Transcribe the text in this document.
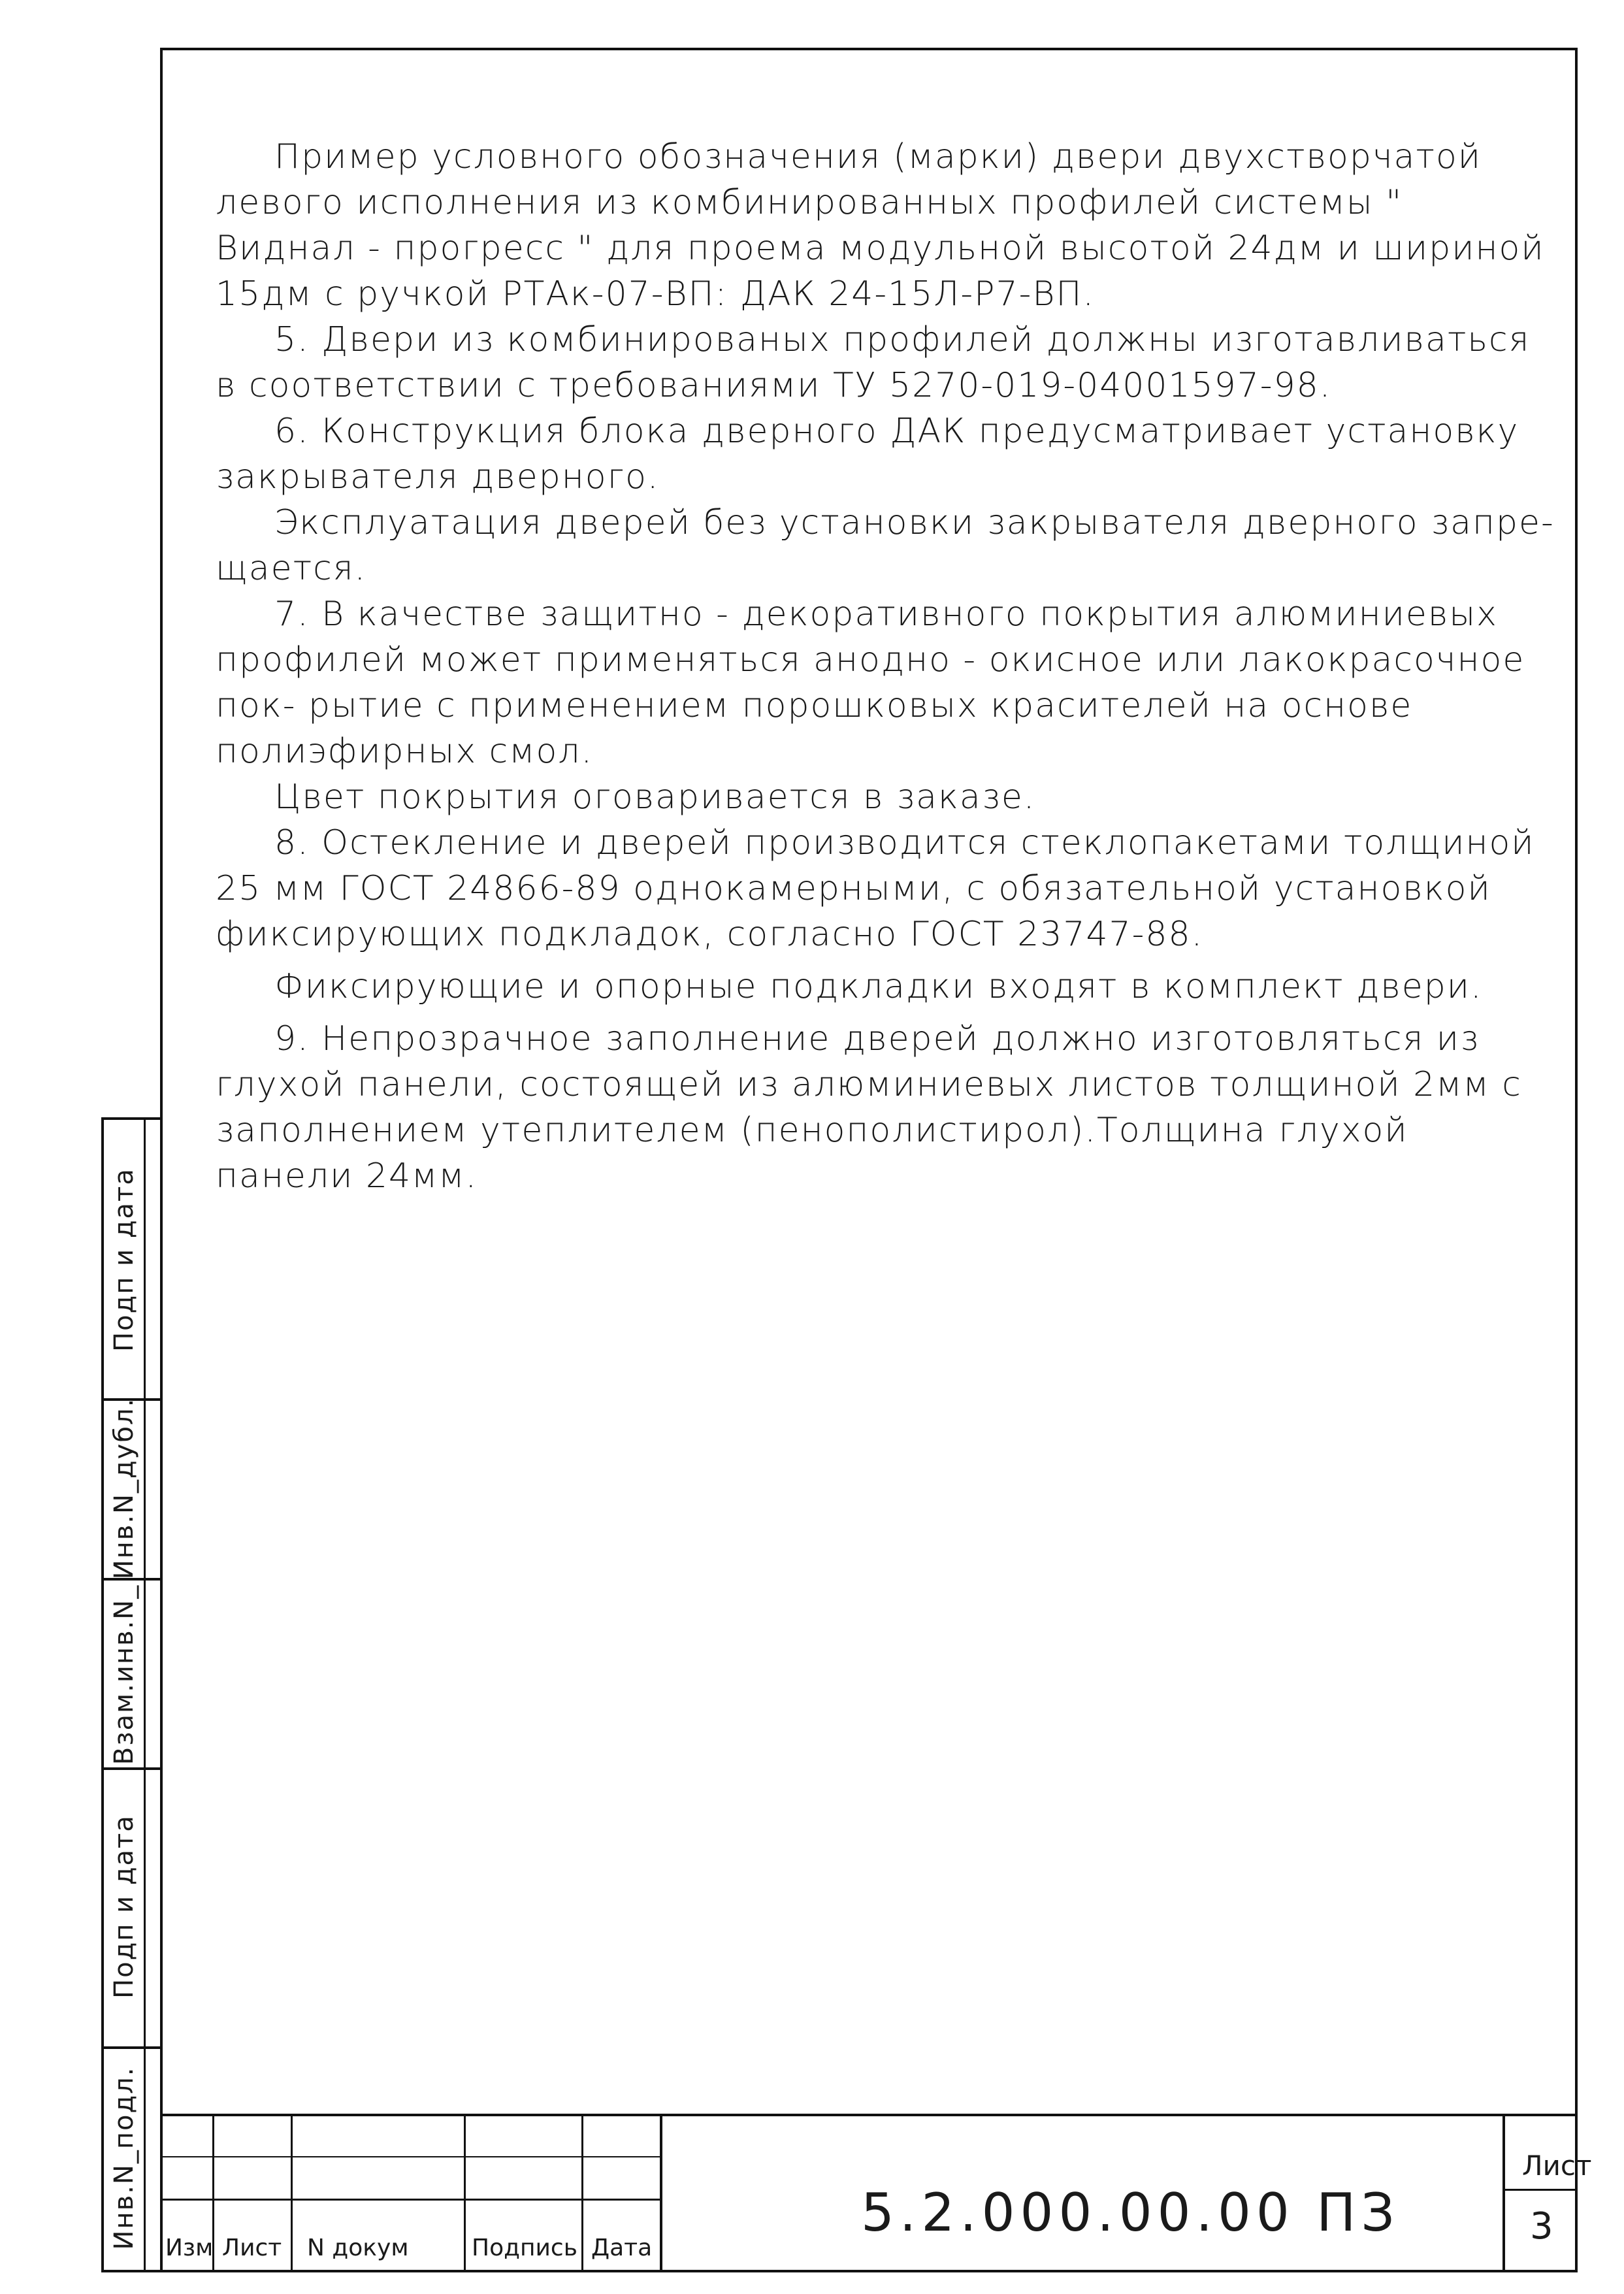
Пример условного обозначения (марки) двери двухстворчатой левого исполнения из комбинированных профилей системы " Виднал - прогресс " для проема модульной высотой 24дм и шириной 15дм с ручкой РТАк-07-ВП: ДАК 24-15Л-Р7-ВП.

5. Двери из комбинированых профилей должны изготавливаться в соответствии с требованиями ТУ 5270-019-04001597-98.

6. Конструкция блока дверного ДАК предусматривает установку закрывателя дверного.

Эксплуатация дверей без установки закрывателя дверного запре- щается.

7. В качестве защитно - декоративного покрытия алюминиевых профилей может применяться анодно - окисное или лакокрасочное пок- рытие с применением порошковых красителей на основе полиэфирных смол.

Цвет покрытия оговаривается в заказе.

8. Остекление и дверей производится стеклопакетами толщиной 25 мм ГОСТ 24866-89 однокамерными, с обязательной установкой фиксирующих подкладок, согласно ГОСТ 23747-88.

Фиксирующие и опорные подкладки входят в комплект двери.

9. Непрозрачное заполнение дверей должно изготовляться из глухой панели, состоящей из алюминиевых листов толщиной 2мм с заполнением утеплителем (пенополистирол).Толщина глухой панели 24мм.

Подп и дата
Инв.N_дубл.
Взам.инв.N_
Подп и дата
Инв.N_подл. Изм Лист N докум	Подпись Дата
5.2.000.00.00 ПЗ
Лист
3
